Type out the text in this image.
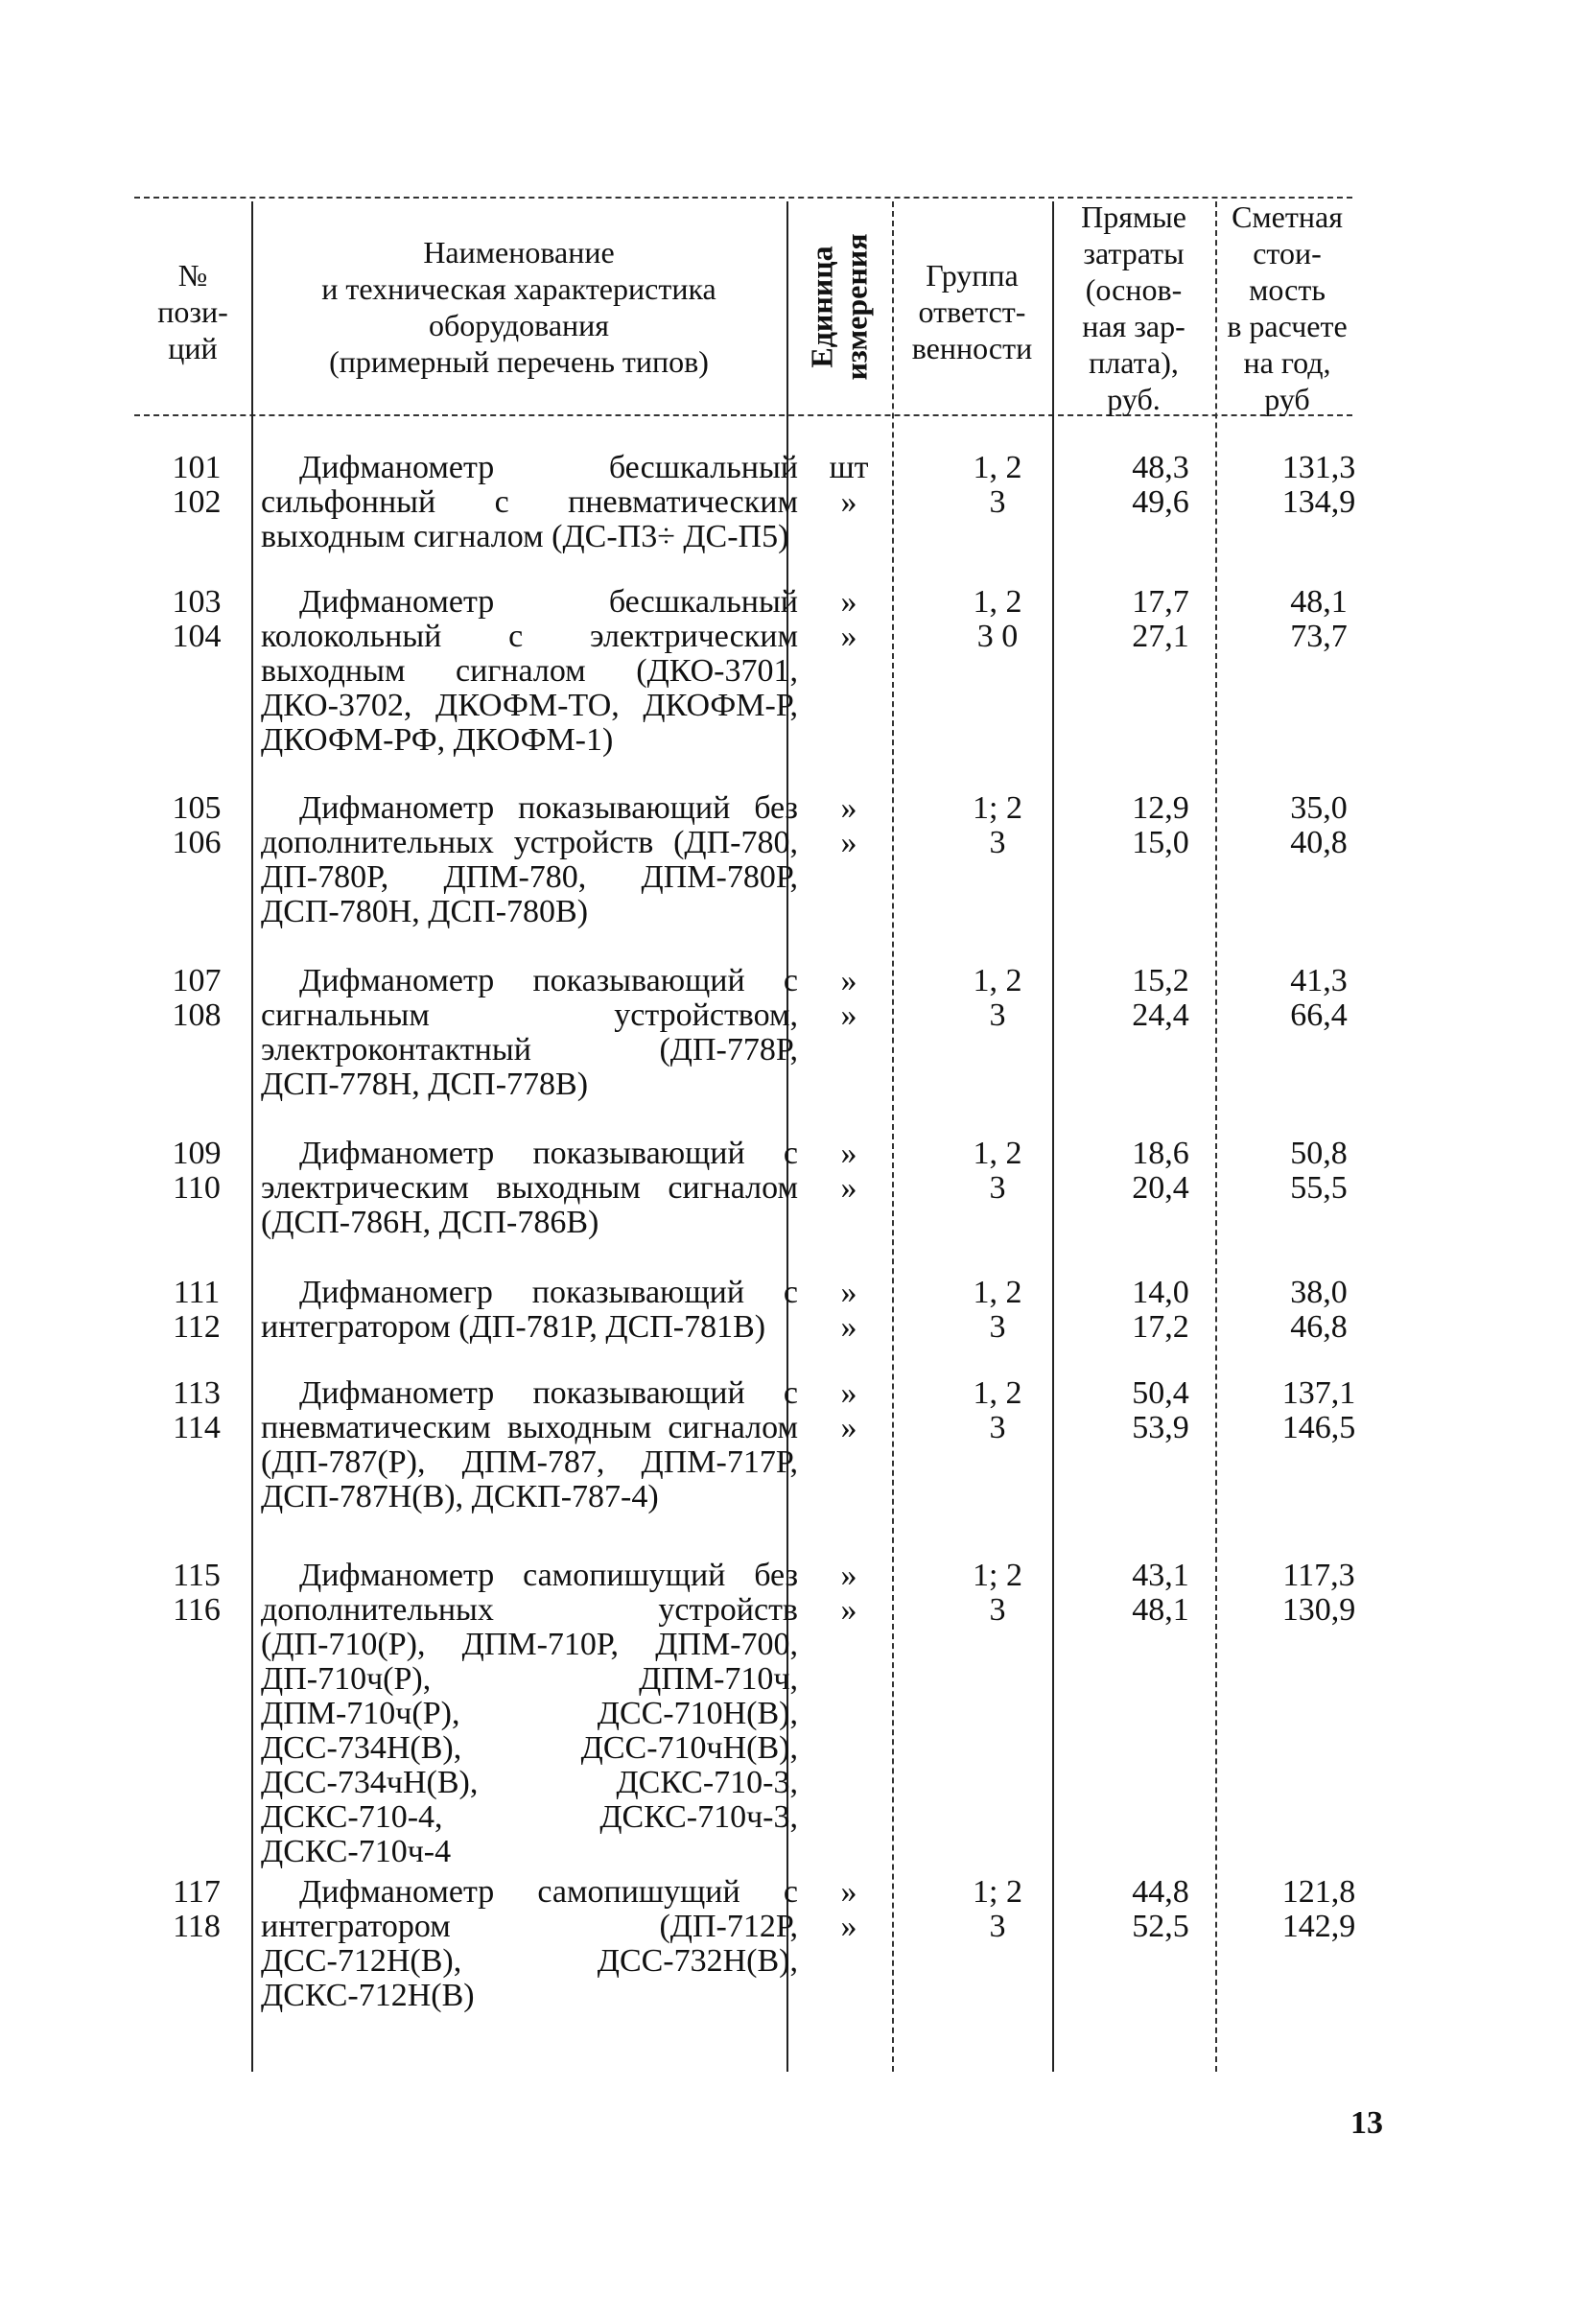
№
пози-
ций
Наименование
и техническая характеристика
оборудования
(примерный перечень типов)	Единица
измерения	Группа
ответст-
венности
Прямые
затраты
(основ-
ная зар-
плата),
руб.
Сметная
стои-
мость
в расчете
на год,
руб
101
102
Дифманометр бесшкальный сильфонный с пневматическим выходным сигналом (ДС-П3÷ ДС-П5)
шт
»
1, 2
3
48,3
49,6
131,3
134,9
103
104
Дифманометр бесшкальный колокольный с электрическим выходным сигналом (ДКО-3701, ДКО-3702, ДКОФМ-ТО, ДКОФМ-Р, ДКОФМ-РФ, ДКОФМ-1)
»
»
1, 2
3 0
17,7
27,1
48,1
73,7
105
106
Дифманометр показывающий без дополнительных устройств (ДП-780, ДП-780Р, ДПМ-780, ДПМ-780Р, ДСП-780Н, ДСП-780В)
»
»
1; 2
3
12,9
15,0
35,0
40,8
107
108
Дифманометр показывающий с сигнальным устройством, электроконтактный (ДП-778Р, ДСП-778Н, ДСП-778В)
»
»
1, 2
3
15,2
24,4
41,3
66,4
109
110
Дифманометр показывающий с электрическим выходным сигналом (ДСП-786Н, ДСП-786В)
»
»
1, 2
3
18,6
20,4
50,8
55,5
111
112
Дифманомегр показывающий с интегратором (ДП-781Р, ДСП-781В)
»
»
1, 2
3
14,0
17,2
38,0
46,8
113
114
Дифманометр показывающий с пневматическим выходным сигналом (ДП-787(Р), ДПМ-787, ДПМ-717Р, ДСП-787Н(В), ДСКП-787-4)
»
»
1, 2
3
50,4
53,9
137,1
146,5
115
116
Дифманометр самопишущий без дополнительных устройств (ДП-710(Р), ДПМ-710Р, ДПМ-700, ДП-710ч(Р), ДПМ-710ч, ДПМ-710ч(Р), ДСС-710Н(В), ДСС-734Н(В), ДСС-710чН(В), ДСС-734чН(В), ДСКС-710-3, ДСКС-710-4, ДСКС-710ч-3, ДСКС-710ч-4
»
»
1; 2
3
43,1
48,1
117,3
130,9
117
118
Дифманометр самопишущий с интегратором (ДП-712Р, ДСС-712Н(В), ДСС-732Н(В), ДСКС-712Н(В)
»
»
1; 2
3
44,8
52,5
121,8
142,9
13
